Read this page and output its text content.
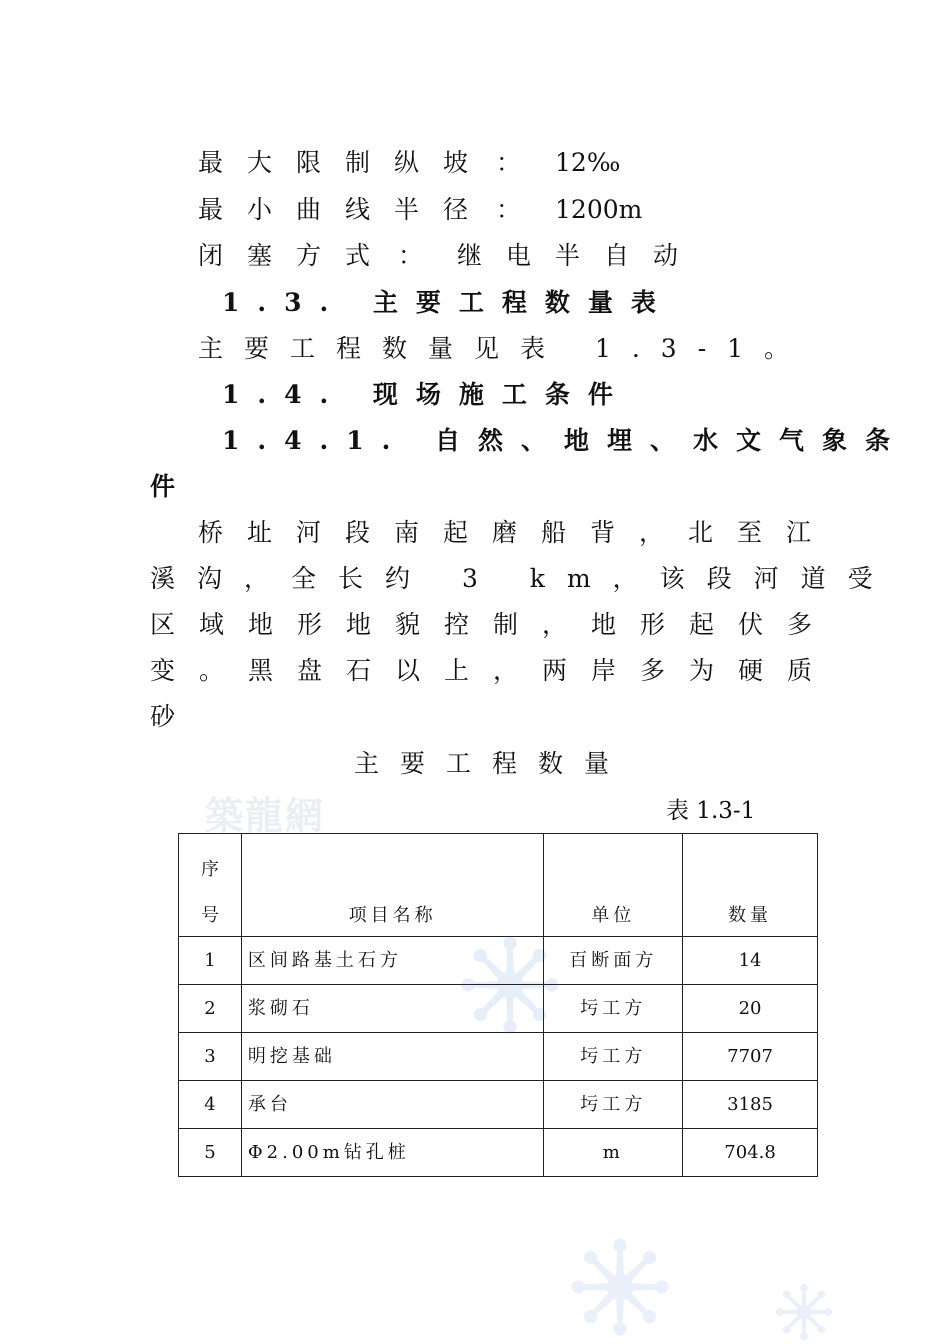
築龍網
最大限制纵坡 ： 12‰
最小曲线半径 ： 1200m
闭塞方式 ： 继电半自动
1.3. 主要工程数量表
主要工程数量见表 1.3-1。
1.4. 现场施工条件
1.4.1. 自然、地埋、水文气象条
件
桥址河段南起磨船背，北至江
溪沟，全长约 3 km，该段河道受
区域地形地貌控制，地形起伏多
变。黑盘石以上，两岸多为硬质
砂
主要工程数量
表 1.3-1
序
号	项目名称	单位	数量
1	区间路基土石方	百断面方	14
2	浆砌石	圬工方	20
3	明挖基础	圬工方	7707
4	承台	圬工方	3185
5	Φ2.00m钻孔桩	m	704.8
